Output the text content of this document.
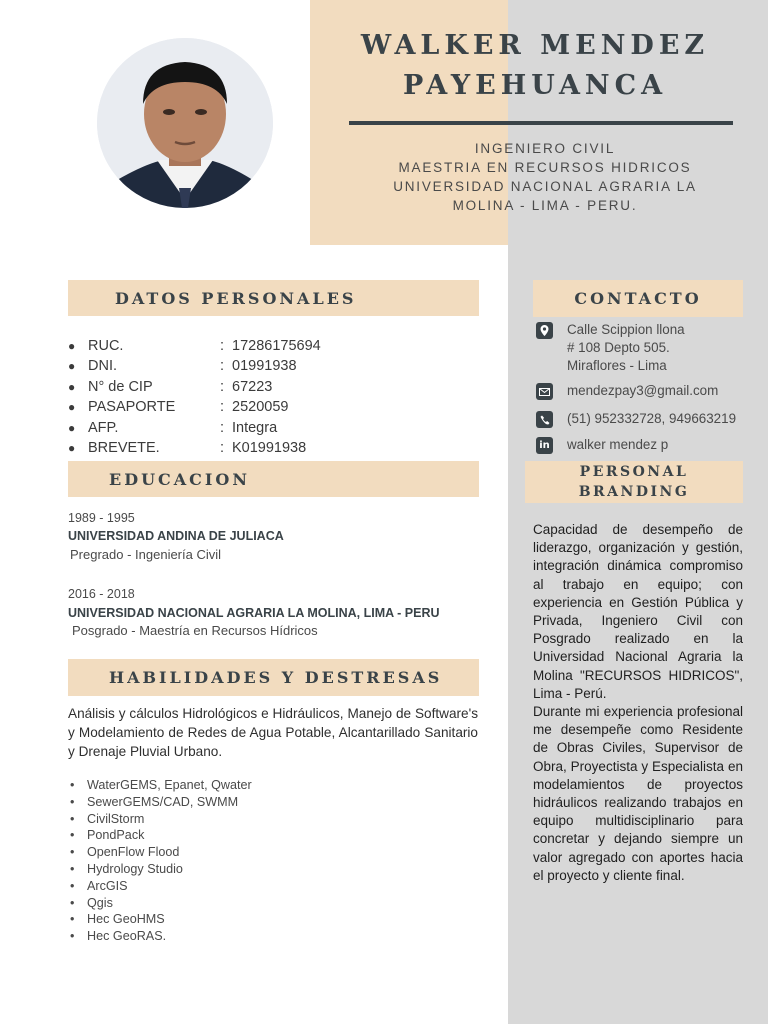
WALKER MENDEZ
PAYEHUANCA
INGENIERO CIVIL
MAESTRIA EN RECURSOS HIDRICOS
UNIVERSIDAD NACIONAL AGRARIA LA
MOLINA - LIMA - PERU.
DATOS PERSONALES
● RUC.	: 17286175694
● DNI.	: 01991938
● N° de CIP	: 67223
● PASAPORTE	: 2520059
● AFP.	: Integra
● BREVETE.	: K01991938
EDUCACION
1989 - 1995
UNIVERSIDAD ANDINA DE JULIACA
Pregrado - Ingeniería Civil
2016 - 2018
UNIVERSIDAD NACIONAL AGRARIA LA MOLINA, LIMA - PERU
Posgrado - Maestría en Recursos Hídricos
HABILIDADES Y DESTRESAS
Análisis y cálculos Hidrológicos e Hidráulicos, Manejo de Software's y Modelamiento de Redes de Agua Potable, Alcantarillado Sanitario y Drenaje Pluvial Urbano.
• WaterGEMS, Epanet, Qwater
• SewerGEMS/CAD, SWMM
• CivilStorm
• PondPack
• OpenFlow Flood
• Hydrology Studio
• ArcGIS
• Qgis
• Hec GeoHMS
• Hec GeoRAS.
CONTACTO
Calle Scippion llona
# 108 Depto 505.
Miraflores - Lima
mendezpay3@gmail.com
(51) 952332728, 949663219
in walker mendez p
PERSONAL
BRANDING

Capacidad de desempeño de liderazgo, organización y gestión, integración dinámica compromiso al trabajo en equipo; con experiencia en Gestión Pública y Privada, Ingeniero Civil con Posgrado realizado en la Universidad Nacional Agraria la Molina "RECURSOS HIDRICOS", Lima - Perú.

Durante mi experiencia profesional me desempeñe como Residente de Obras Civiles, Supervisor de Obra, Proyectista y Especialista en modelamientos de proyectos hidráulicos realizando trabajos en equipo multidisciplinario para concretar y dejando siempre un valor agregado con aportes hacia el proyecto y cliente final.
